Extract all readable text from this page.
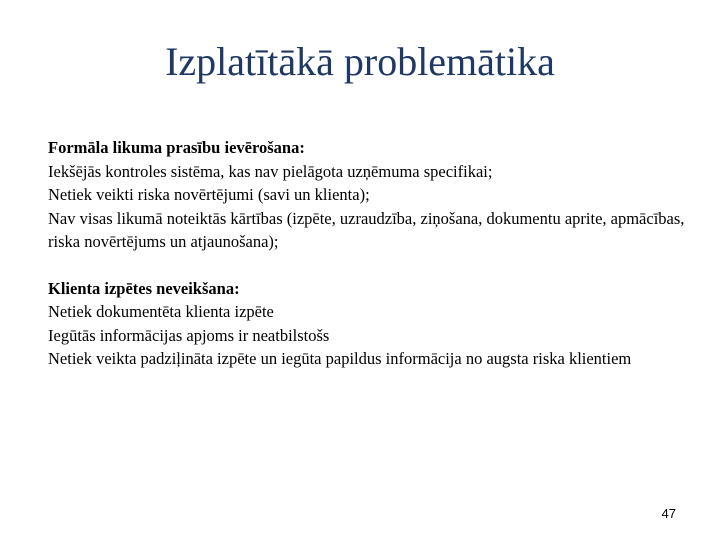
Izplatītākā problemātika
Formāla likuma prasību ievērošana:
Iekšējās kontroles sistēma, kas nav pielāgota uzņēmuma specifikai;
Netiek veikti riska novērtējumi (savi un klienta);
Nav visas likumā noteiktās kārtības (izpēte, uzraudzība, ziņošana, dokumentu aprite, apmācības, riska novērtējums un atjaunošana);
Klienta izpētes neveikšana:
Netiek dokumentēta klienta izpēte
Iegūtās informācijas apjoms ir neatbilstošs
Netiek veikta padziļināta izpēte un iegūta papildus informācija no augsta riska klientiem
47
